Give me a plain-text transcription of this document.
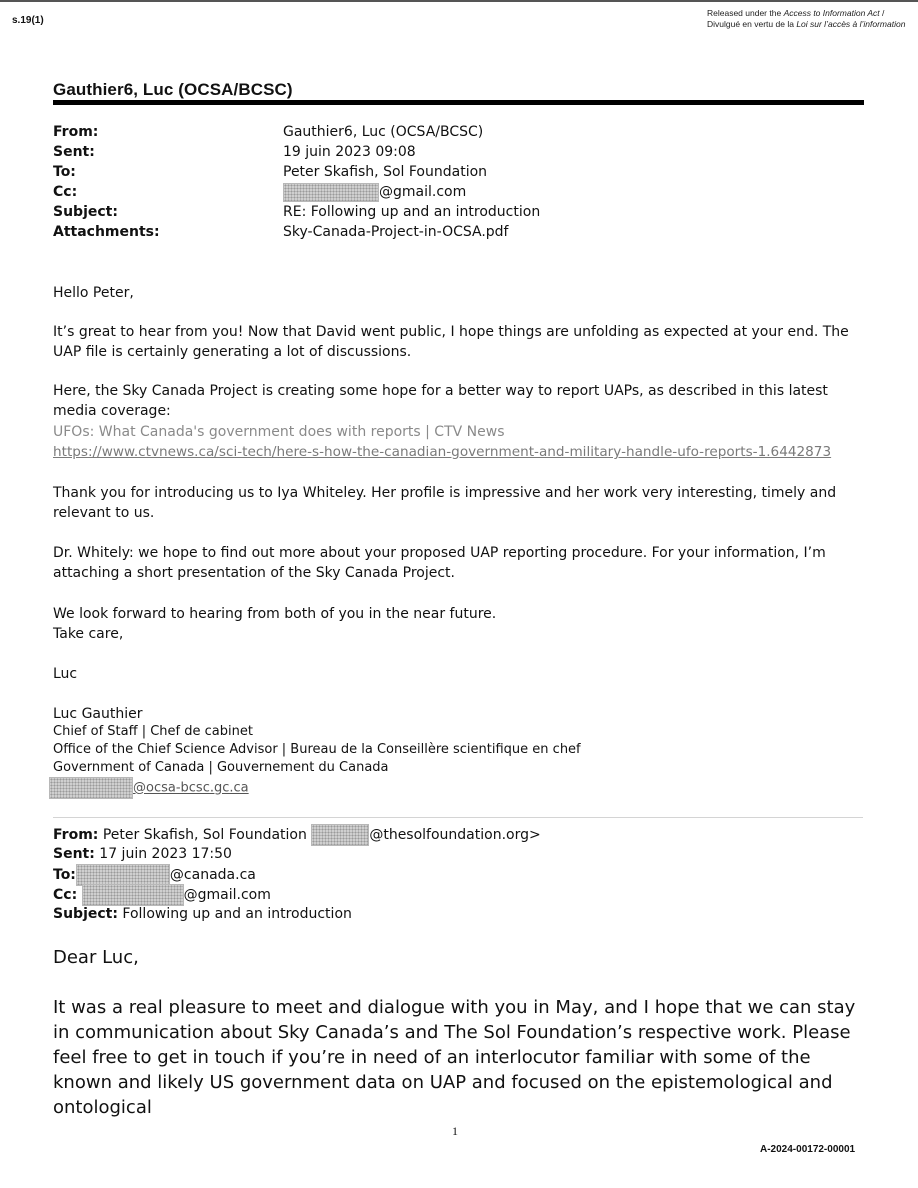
s.19(1)
Released under the Access to Information Act /
Divulgué en vertu de la Loi sur l’accès à l’information
Gauthier6, Luc (OCSA/BCSC)
From:	Gauthier6, Luc (OCSA/BCSC)
Sent:	19 juin 2023 09:08
To:	Peter Skafish, Sol Foundation
Cc:	@gmail.com
Subject:	RE: Following up and an introduction
Attachments:	Sky-Canada-Project-in-OCSA.pdf
Hello Peter,
It’s great to hear from you! Now that David went public, I hope things are unfolding as expected at your end. The UAP file is certainly generating a lot of discussions.
Here, the Sky Canada Project is creating some hope for a better way to report UAPs, as described in this latest media coverage:
UFOs: What Canada's government does with reports | CTV News
https://www.ctvnews.ca/sci-tech/here-s-how-the-canadian-government-and-military-handle-ufo-reports-1.6442873
Thank you for introducing us to Iya Whiteley. Her profile is impressive and her work very interesting, timely and relevant to us.
Dr. Whitely: we hope to find out more about your proposed UAP reporting procedure. For your information, I’m attaching a short presentation of the Sky Canada Project.
We look forward to hearing from both of you in the near future.
Take care,
Luc
Luc Gauthier
Chief of Staff | Chef de cabinet
Office of the Chief Science Advisor | Bureau de la Conseillère scientifique en chef
Government of Canada | Gouvernement du Canada
@ocsa-bcsc.gc.ca
From: Peter Skafish, Sol Foundation	@thesolfoundation.org>
Sent: 17 juin 2023 17:50
To:	@canada.ca
Cc:	@gmail.com
Subject: Following up and an introduction
Dear Luc,
It was a real pleasure to meet and dialogue with you in May, and I hope that we can stay in communication about Sky Canada’s and The Sol Foundation’s respective work. Please feel free to get in touch if you’re in need of an interlocutor familiar with some of the known and likely US government data on UAP and focused on the epistemological and ontological
1
A-2024-00172-00001
